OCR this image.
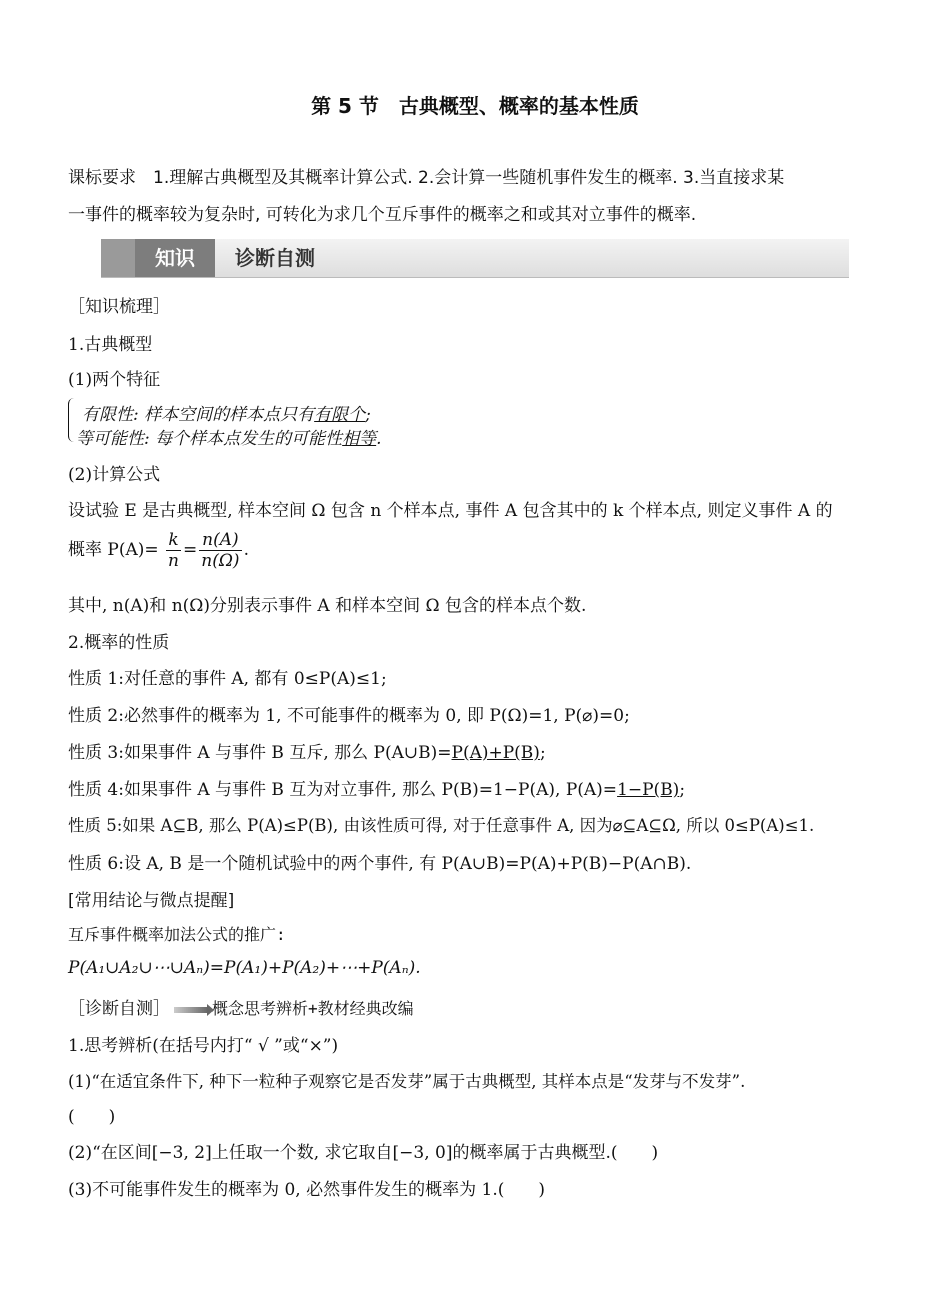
第 5 节　古典概型、概率的基本性质
课标要求　1.理解古典概型及其概率计算公式. 2.会计算一些随机事件发生的概率. 3.当直接求某
一事件的概率较为复杂时, 可转化为求几个互斥事件的概率之和或其对立事件的概率.
知识	诊断自测
［知识梳理］
1.古典概型
(1)两个特征
有限性: 样本空间的样本点只有有限个;
等可能性: 每个样本点发生的可能性相等.
(2)计算公式
设试验 E 是古典概型, 样本空间 Ω 包含 n 个样本点, 事件 A 包含其中的 k 个样本点, 则定义事件 A 的
概率 $P(A)= \frac{k}{n} = \frac{n(A)}{n(\Omega)}$ .
其中, n(A)和 n(Ω)分别表示事件 A 和样本空间 Ω 包含的样本点个数.
2.概率的性质
性质 1:对任意的事件 A, 都有 0≤P(A)≤1;
性质 2:必然事件的概率为 1, 不可能事件的概率为 0, 即 P(Ω)=1, P(⌀)=0;
性质 3:如果事件 A 与事件 B 互斥, 那么 P(A∪B)=P(A)+P(B);
性质 4:如果事件 A 与事件 B 互为对立事件, 那么 P(B)=1−P(A), P(A)=1−P(B);
性质 5:如果 A⊆B, 那么 P(A)≤P(B), 由该性质可得, 对于任意事件 A, 因为⌀⊆A⊆Ω, 所以 0≤P(A)≤1.
性质 6:设 A, B 是一个随机试验中的两个事件, 有 P(A∪B)=P(A)+P(B)−P(A∩B).
[常用结论与微点提醒]
互斥事件概率加法公式的推广:
P(A₁∪A₂∪⋯∪Aₙ)=P(A₁)+P(A₂)+⋯+P(Aₙ).
［诊断自测］	概念思考辨析+教材经典改编
1.思考辨析(在括号内打“ √ ”或“×”)
(1)“在适宜条件下, 种下一粒种子观察它是否发芽”属于古典概型, 其样本点是“发芽与不发芽”.
(　　)
(2)“在区间[−3, 2]上任取一个数, 求它取自[−3, 0]的概率属于古典概型.(　　)
(3)不可能事件发生的概率为 0, 必然事件发生的概率为 1.(　　)
